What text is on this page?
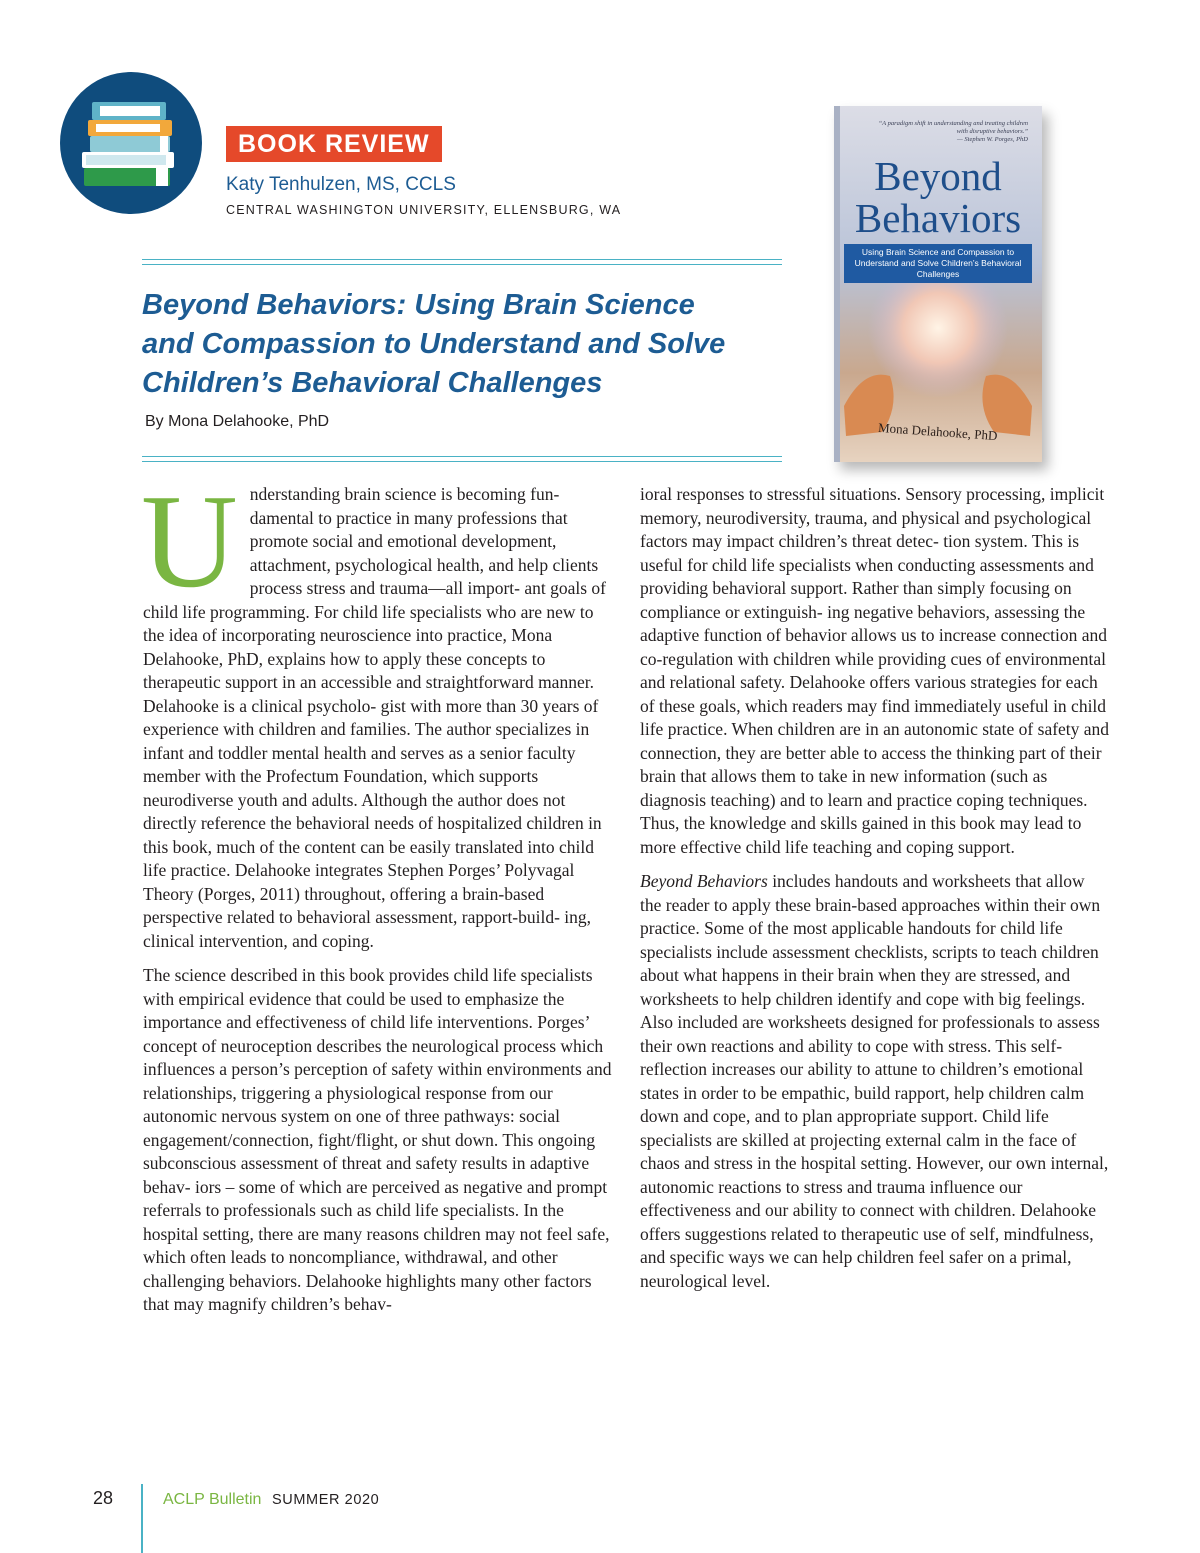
BOOK REVIEW
Katy Tenhulzen, MS, CCLS
CENTRAL WASHINGTON UNIVERSITY, ELLENSBURG, WA
Beyond Behaviors: Using Brain Science
and Compassion to Understand and Solve
Children’s Behavioral Challenges
By Mona Delahooke, PhD
“A paradigm shift in understanding and treating children with disruptive behaviors.”
— Stephen W. Porges, PhD
Beyond
Behaviors
Using Brain Science and Compassion to
Understand and Solve Children’s Behavioral Challenges
Mona Delahooke, PhD

Understanding brain science is becoming fun- damental to practice in many professions that promote social and emotional development, attachment, psychological health, and help clients process stress and trauma—all import- ant goals of child life programming. For child life specialists who are new to the idea of incorporating neuroscience into practice, Mona Delahooke, PhD, explains how to apply these concepts to therapeutic support in an accessible and straightforward manner. Delahooke is a clinical psycholo- gist with more than 30 years of experience with children and families. The author specializes in infant and toddler mental health and serves as a senior faculty member with the Profectum Foundation, which supports neurodiverse youth and adults. Although the author does not directly reference the behavioral needs of hospitalized children in this book, much of the content can be easily translated into child life practice. Delahooke integrates Stephen Porges’ Polyvagal Theory (Porges, 2011) throughout, offering a brain-based perspective related to behavioral assessment, rapport-build- ing, clinical intervention, and coping.

The science described in this book provides child life specialists with empirical evidence that could be used to emphasize the importance and effectiveness of child life interventions. Porges’ concept of neuroception describes the neurological process which influences a person’s perception of safety within environments and relationships, triggering a physiological response from our autonomic nervous system on one of three pathways: social engagement/connection, fight/flight, or shut down. This ongoing subconscious assessment of threat and safety results in adaptive behav- iors – some of which are perceived as negative and prompt referrals to professionals such as child life specialists. In the hospital setting, there are many reasons children may not feel safe, which often leads to noncompliance, withdrawal, and other challenging behaviors. Delahooke highlights many other factors that may magnify children’s behav-

ioral responses to stressful situations. Sensory processing, implicit memory, neurodiversity, trauma, and physical and psychological factors may impact children’s threat detec- tion system. This is useful for child life specialists when conducting assessments and providing behavioral support. Rather than simply focusing on compliance or extinguish- ing negative behaviors, assessing the adaptive function of behavior allows us to increase connection and co-regulation with children while providing cues of environmental and relational safety. Delahooke offers various strategies for each of these goals, which readers may find immediately useful in child life practice. When children are in an autonomic state of safety and connection, they are better able to access the thinking part of their brain that allows them to take in new information (such as diagnosis teaching) and to learn and practice coping techniques. Thus, the knowledge and skills gained in this book may lead to more effective child life teaching and coping support.

Beyond Behaviors includes handouts and worksheets that allow the reader to apply these brain-based approaches within their own practice. Some of the most applicable handouts for child life specialists include assessment checklists, scripts to teach children about what happens in their brain when they are stressed, and worksheets to help children identify and cope with big feelings. Also included are worksheets designed for professionals to assess their own reactions and ability to cope with stress. This self-reflection increases our ability to attune to children’s emotional states in order to be empathic, build rapport, help children calm down and cope, and to plan appropriate support. Child life specialists are skilled at projecting external calm in the face of chaos and stress in the hospital setting. However, our own internal, autonomic reactions to stress and trauma influence our effectiveness and our ability to connect with children. Delahooke offers suggestions related to therapeutic use of self, mindfulness, and specific ways we can help children feel safer on a primal, neurological level.

28	ACLP Bulletin SUMMER 2020
